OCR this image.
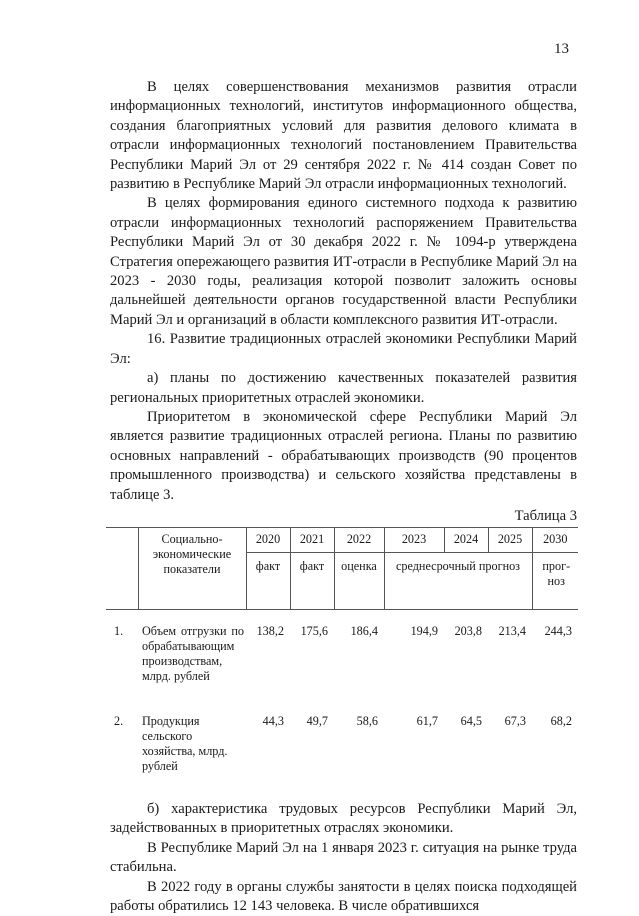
13

В целях совершенствования механизмов развития отрасли информационных технологий, институтов информационного общества, создания благоприятных условий для развития делового климата в отрасли информационных технологий постановлением Правительства Республики Марий Эл от 29 сентября 2022 г. № 414 создан Совет по развитию в Республике Марий Эл отрасли информационных технологий.

В целях формирования единого системного подхода к развитию отрасли информационных технологий распоряжением Правительства Республики Марий Эл от 30 декабря 2022 г. № 1094-р утверждена Стратегия опережающего развития ИТ-отрасли в Республике Марий Эл на 2023 - 2030 годы, реализация которой позволит заложить основы дальнейшей деятельности органов государственной власти Республики Марий Эл и организаций в области комплексного развития ИТ-отрасли.

16. Развитие традиционных отраслей экономики Республики Марий Эл:

а) планы по достижению качественных показателей развития региональных приоритетных отраслей экономики.

Приоритетом в экономической сфере Республики Марий Эл является развитие традиционных отраслей региона. Планы по развитию основных направлений - обрабатывающих производств (90 процентов промышленного производства) и сельского хозяйства представлены в таблице 3.

Таблица 3
	Социально-экономические показатели	2020	2021	2022	2023	2024	2025	2030
		факт	факт	оценка	среднесрочный прогноз			прог-ноз
1.	Объем отгрузки по обрабатывающим производствам, млрд. рублей	138,2	175,6	186,4	194,9	203,8	213,4	244,3
2.	Продукция сельского хозяйства, млрд. рублей	44,3	49,7	58,6	61,7	64,5	67,3	68,2

б) характеристика трудовых ресурсов Республики Марий Эл, задействованных в приоритетных отраслях экономики.

В Республике Марий Эл на 1 января 2023 г. ситуация на рынке труда стабильна.

В 2022 году в органы службы занятости в целях поиска подходящей работы обратились 12 143 человека. В числе обратившихся
